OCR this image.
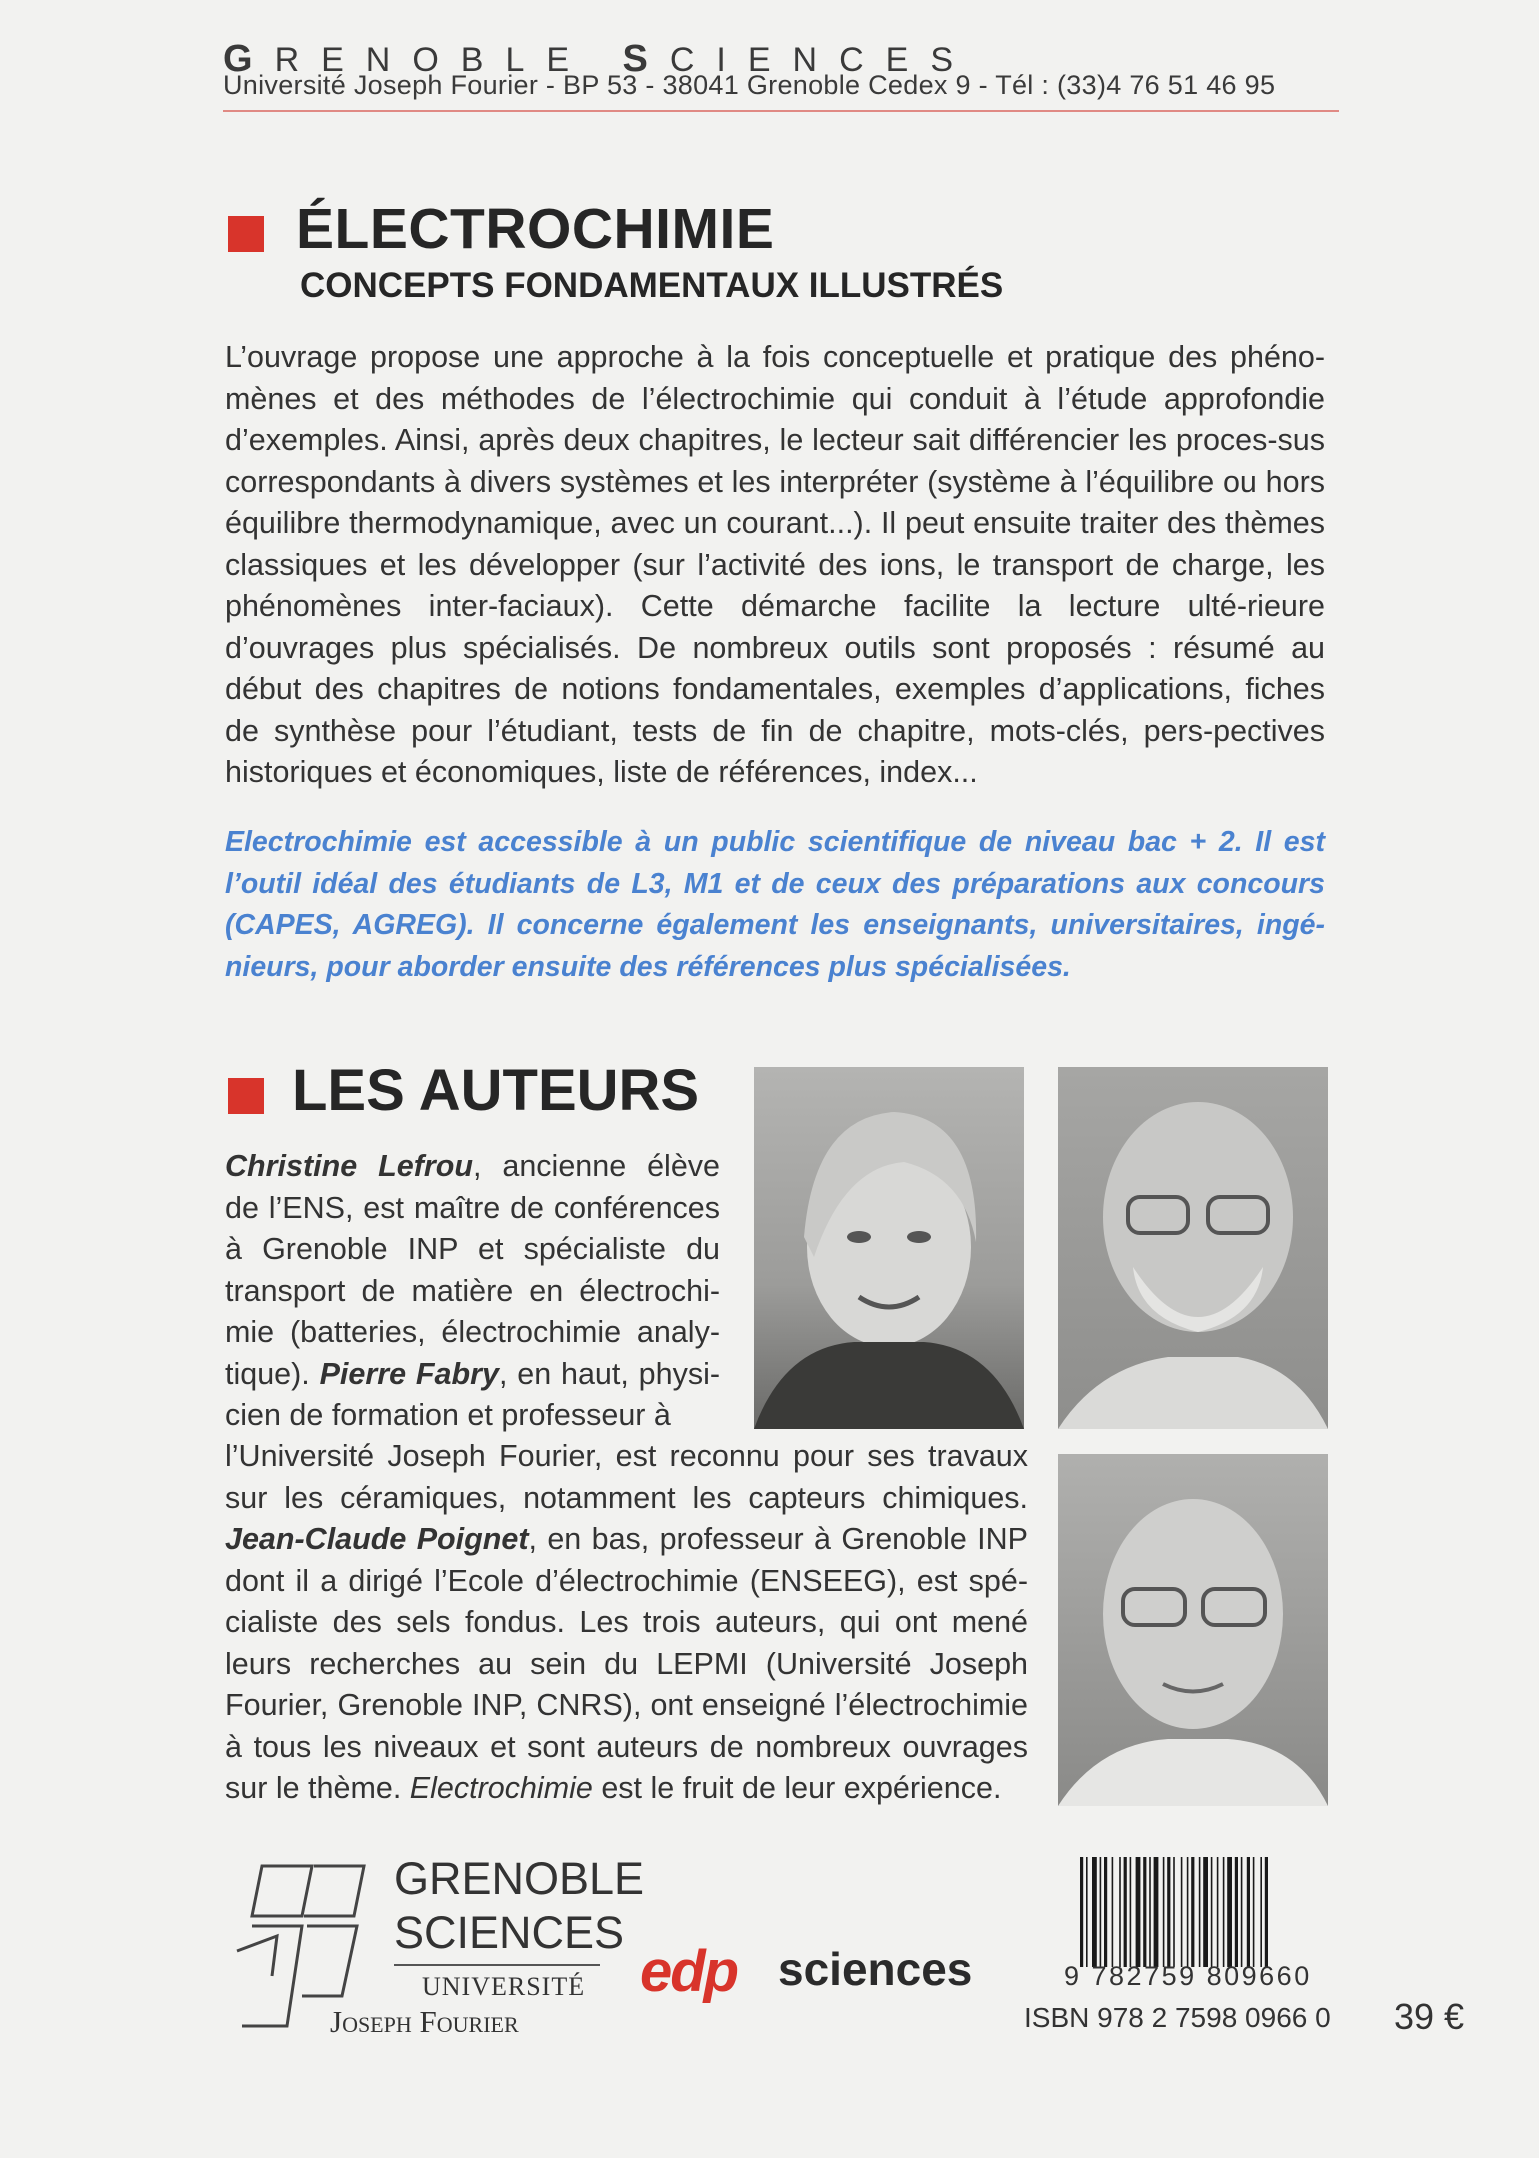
GRENOBLE SCIENCES
Université Joseph Fourier - BP 53 - 38041 Grenoble Cedex 9 - Tél : (33)4 76 51 46 95
ÉLECTROCHIMIE
CONCEPTS FONDAMENTAUX ILLUSTRÉS
L’ouvrage propose une approche à la fois conceptuelle et pratique des phéno-mènes et des méthodes de l’électrochimie qui conduit à l’étude approfondie d’exemples. Ainsi, après deux chapitres, le lecteur sait différencier les proces-sus correspondants à divers systèmes et les interpréter (système à l’équilibre ou hors équilibre thermodynamique, avec un courant...). Il peut ensuite traiter des thèmes classiques et les développer (sur l’activité des ions, le transport de charge, les phénomènes inter-faciaux). Cette démarche facilite la lecture ulté-rieure d’ouvrages plus spécialisés. De nombreux outils sont proposés : résumé au début des chapitres de notions fondamentales, exemples d’applications, fiches de synthèse pour l’étudiant, tests de fin de chapitre, mots-clés, pers-pectives historiques et économiques, liste de références, index...
Electrochimie est accessible à un public scientifique de niveau bac + 2. Il est l’outil idéal des étudiants de L3, M1 et de ceux des préparations aux concours (CAPES, AGREG). Il concerne également les enseignants, universitaires, ingé-nieurs, pour aborder ensuite des références plus spécialisées.
LES AUTEURS
Christine Lefrou, ancienne élève de l’ENS, est maître de conférences à Grenoble INP et spécialiste du transport de matière en électrochi-mie (batteries, électrochimie analy-tique). Pierre Fabry, en haut, physi-cien de formation et professeur à
l’Université Joseph Fourier, est reconnu pour ses travaux sur les céramiques, notamment les capteurs chimiques. Jean-Claude Poignet, en bas, professeur à Grenoble INP dont il a dirigé l’Ecole d’électrochimie (ENSEEG), est spé-cialiste des sels fondus. Les trois auteurs, qui ont mené leurs recherches au sein du LEPMI (Université Joseph Fourier, Grenoble INP, CNRS), ont enseigné l’électrochimie à tous les niveaux et sont auteurs de nombreux ouvrages sur le thème. Electrochimie est le fruit de leur expérience.
GRENOBLE
SCIENCES
UNIVERSITÉ
Joseph Fourier
edp sciences	9 782759 809660
ISBN 978 2 7598 0966 0 39 €
